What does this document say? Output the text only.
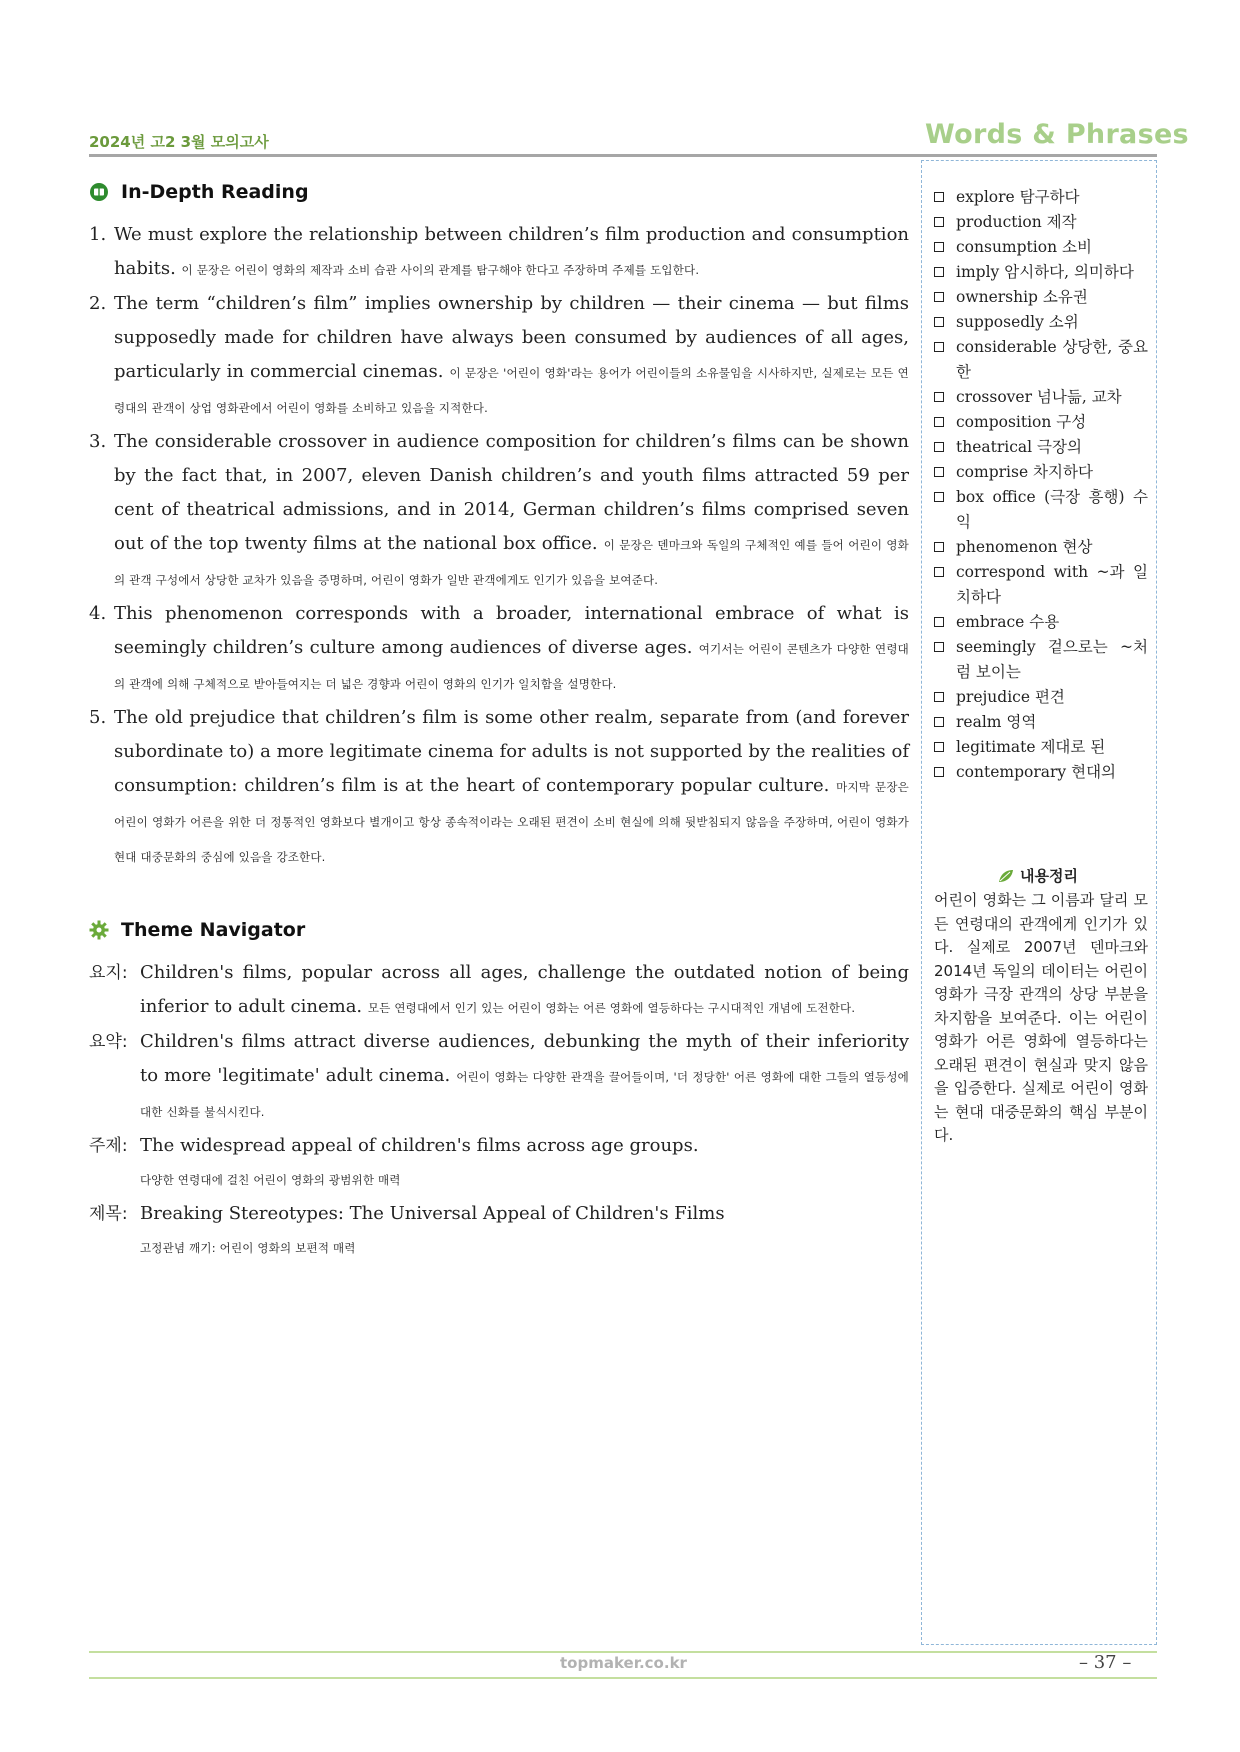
2024년 고2 3월 모의고사	Words & Phrases
In-Depth Reading
1. We must explore the relationship between children’s film production and consumption habits. 이 문장은 어린이 영화의 제작과 소비 습관 사이의 관계를 탐구해야 한다고 주장하며 주제를 도입한다.
2. The term “children’s film” implies ownership by children — their cinema — but films supposedly made for children have always been consumed by audiences of all ages, particularly in commercial cinemas. 이 문장은 '어린이 영화'라는 용어가 어린이들의 소유물임을 시사하지만, 실제로는 모든 연령대의 관객이 상업 영화관에서 어린이 영화를 소비하고 있음을 지적한다.
3. The considerable crossover in audience composition for children’s films can be shown by the fact that, in 2007, eleven Danish children’s and youth films attracted 59 per cent of theatrical admissions, and in 2014, German children’s films comprised seven out of the top twenty films at the national box office. 이 문장은 덴마크와 독일의 구체적인 예를 들어 어린이 영화의 관객 구성에서 상당한 교차가 있음을 증명하며, 어린이 영화가 일반 관객에게도 인기가 있음을 보여준다.
4. This phenomenon corresponds with a broader, international embrace of what is seemingly children’s culture among audiences of diverse ages. 여기서는 어린이 콘텐츠가 다양한 연령대의 관객에 의해 구체적으로 받아들여지는 더 넓은 경향과 어린이 영화의 인기가 일치함을 설명한다.
5. The old prejudice that children’s film is some other realm, separate from (and forever subordinate to) a more legitimate cinema for adults is not supported by the realities of consumption: children’s film is at the heart of contemporary popular culture. 마지막 문장은 어린이 영화가 어른을 위한 더 정통적인 영화보다 별개이고 항상 종속적이라는 오래된 편견이 소비 현실에 의해 뒷받침되지 않음을 주장하며, 어린이 영화가 현대 대중문화의 중심에 있음을 강조한다.
Theme Navigator
요지: Children's films, popular across all ages, challenge the outdated notion of being inferior to adult cinema. 모든 연령대에서 인기 있는 어린이 영화는 어른 영화에 열등하다는 구시대적인 개념에 도전한다.
요약: Children's films attract diverse audiences, debunking the myth of their inferiority to more 'legitimate' adult cinema. 어린이 영화는 다양한 관객을 끌어들이며, '더 정당한' 어른 영화에 대한 그들의 열등성에 대한 신화를 불식시킨다.
주제: The widespread appeal of children's films across age groups.
다양한 연령대에 걸친 어린이 영화의 광범위한 매력
제목: Breaking Stereotypes: The Universal Appeal of Children's Films
고정관념 깨기: 어린이 영화의 보편적 매력
explore 탐구하다
production 제작
consumption 소비
imply 암시하다, 의미하다
ownership 소유권
supposedly 소위
considerable 상당한, 중요한
crossover 넘나듦, 교차
composition 구성
theatrical 극장의
comprise 차지하다
box office (극장 흥행) 수익
phenomenon 현상
correspond with ~과 일치하다
embrace 수용
seemingly 겉으로는 ~처럼 보이는
prejudice 편견
realm 영역
legitimate 제대로 된
contemporary 현대의
내용정리
어린이 영화는 그 이름과 달리 모든 연령대의 관객에게 인기가 있다. 실제로 2007년 덴마크와 2014년 독일의 데이터는 어린이 영화가 극장 관객의 상당 부분을 차지함을 보여준다. 이는 어린이 영화가 어른 영화에 열등하다는 오래된 편견이 현실과 맞지 않음을 입증한다. 실제로 어린이 영화는 현대 대중문화의 핵심 부분이다.
topmaker.co.kr	– 37 –
